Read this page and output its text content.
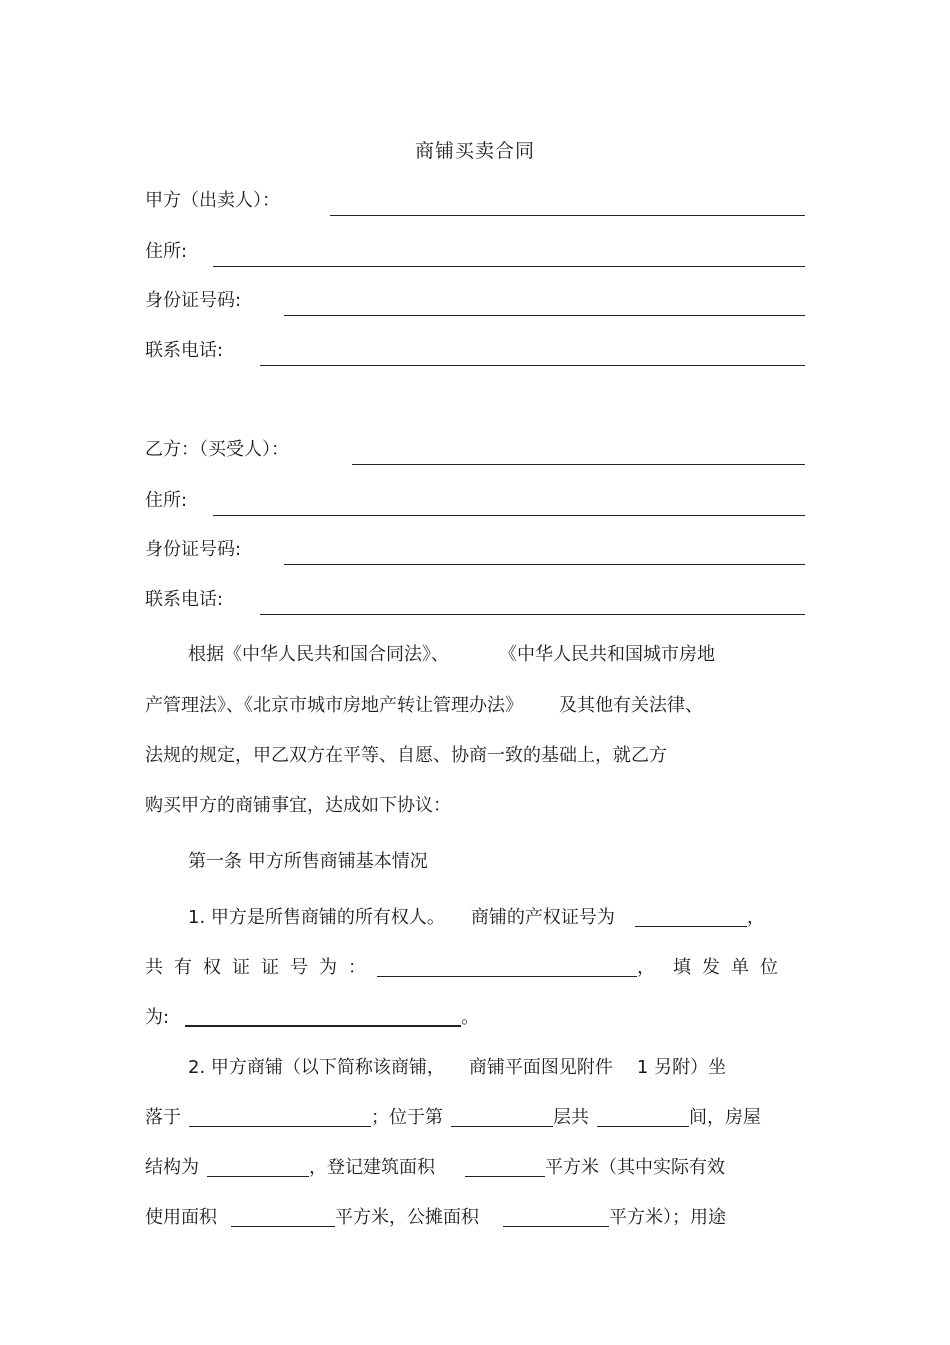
商铺买卖合同
甲方（出卖人）：
住所:
身份证号码:
联系电话:
乙方：（买受人）：
住所:
身份证号码:
联系电话:
根据《中华人民共和国合同法》、	《中华人民共和国城市房地
产管理法》、《北京市城市房地产转让管理办法》 及其他有关法律、
法规的规定，甲乙双方在平等、自愿、协商一致的基础上，就乙方
购买甲方的商铺事宜，达成如下协议：
第一条 甲方所售商铺基本情况
1. 甲方是所售商铺的所有权人。 商铺的产权证号为	，
共有权证证号为：	， 填发单位
为:	。
2. 甲方商铺（以下简称该商铺， 商铺平面图见附件 1 另附）坐
落于	；位于第	层共	间，房屋
结构为	，登记建筑面积	平方米（其中实际有效
使用面积	平方米，公摊面积	平方米）；用途
